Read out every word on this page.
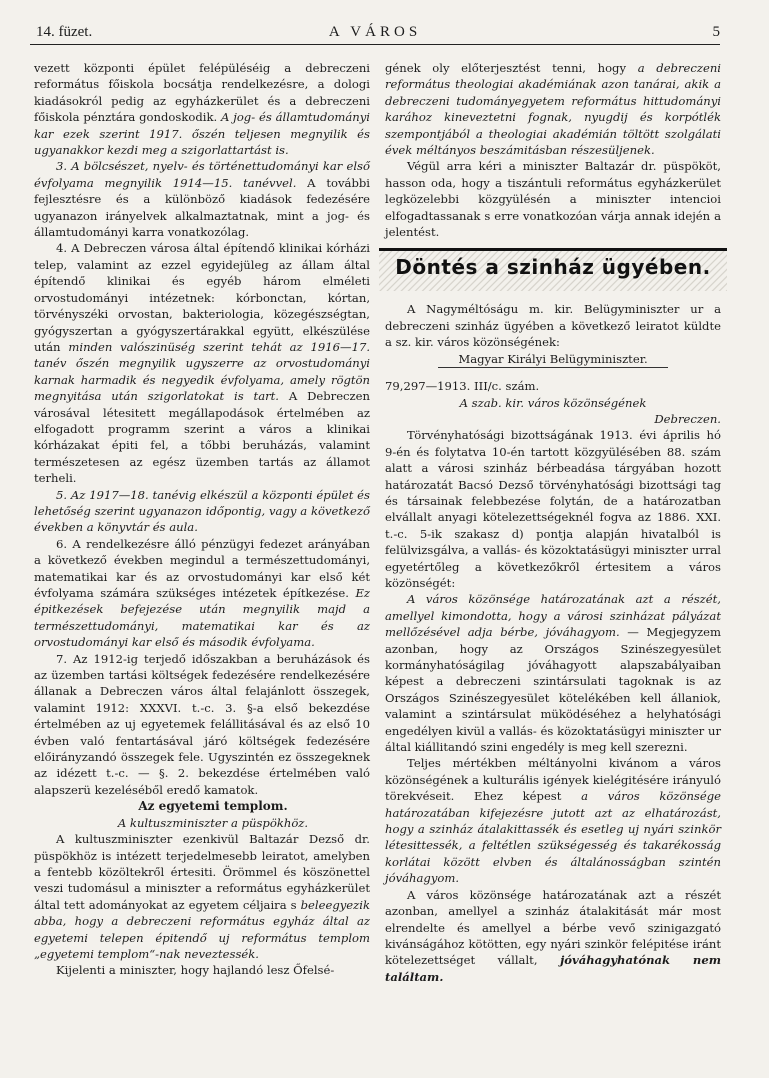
14. füzet.	A VÁROS	5

vezett központi épület felépüléséig a debreczeni református főiskola bocsátja rendelkezésre, a dologi kiadásokról pedig az egyházkerület és a debreczeni főiskola pénztára gondoskodik. A jog- és államtudományi kar ezek szerint 1917. őszén teljesen megnyilik és ugyanakkor kezdi meg a szigorlattartást is.

3. A bölcsészet, nyelv- és történettudományi kar első évfolyama megnyilik 1914—15. tanévvel. A további fejlesztésre és a különböző kiadások fedezésére ugyanazon irányelvek alkalmaztatnak, mint a jog- és államtudományi karra vonatkozólag.

4. A Debreczen városa által építendő klinikai kórházi telep, valamint az ezzel egyidejüleg az állam által építendő klinikai és egyéb három elméleti orvostudományi intézetnek: kórbonctan, kórtan, törvényszéki orvostan, bakteriologia, közegészségtan, gyógyszertan a gyógyszertárakkal együtt, elkészülése után minden valószinüség szerint tehát az 1916—17. tanév őszén megnyilik ugyszerre az orvostudományi karnak harmadik és negyedik évfolyama, amely rögtön megnyitása után szigorlatokat is tart. A Debreczen városával létesitett megállapodások értelmében az elfogadott programm szerint a város a klinikai kórházakat épiti fel, a tőbbi beruházás, valamint természetesen az egész üzemben tartás az államot terheli.

5. Az 1917—18. tanévig elkészül a központi épület és lehetőség szerint ugyanazon időpontig, vagy a következő években a könyvtár és aula.

6. A rendelkezésre álló pénzügyi fedezet arányában a következő években megindul a természettudományi, matematikai kar és az orvostudományi kar első két évfolyama számára szükséges intézetek építkezése. Ez épitkezések befejezése után megnyilik majd a természettudományi, matematikai kar és az orvostudományi kar első és második évfolyama.

7. Az 1912-ig terjedő időszakban a beruházások és az üzemben tartási költségek fedezésére rendelkezésére állanak a Debreczen város által felajánlott összegek, valamint 1912: XXXVI. t.-c. 3. §-a első bekezdése értelmében az uj egyetemek felállitásával és az első 10 évben való fentartásával járó költségek fedezésére előirányzandó összegek fele. Ugyszintén ez összegeknek az idézett t.-c. — §. 2. bekezdése értelmében való alapszerü kezeléséből eredő kamatok.

Az egyetemi templom.

A kultuszminiszter a püspökhöz.

A kultuszminiszter ezenkivül Baltazár Dezső dr. püspökhöz is intézett terjedelmesebb leiratot, amelyben a fentebb közöltekről értesiti. Örömmel és köszönettel veszi tudomásul a miniszter a református egyházkerület által tett adományokat az egyetem céljaira s beleegyezik abba, hogy a debreczeni református egyház által az egyetemi telepen épitendő uj református templom „egyetemi templom“-nak neveztessék.

Kijelenti a miniszter, hogy hajlandó lesz Őfelsé-

gének oly előterjesztést tenni, hogy a debreczeni református theologiai akadémiának azon tanárai, akik a debreczeni tudományegyetem református hittudományi karához kineveztetni fognak, nyugdij és korpótlék szempontjából a theologiai akadémián töltött szolgálati évek méltányos beszámitásban részesüljenek.

Végül arra kéri a miniszter Baltazár dr. püspököt, hasson oda, hogy a tiszántuli református egyházkerület legközelebbi közgyülésén a miniszter intencioi elfogadtassanak s erre vonatkozóan várja annak idején a jelentést.

Döntés a szinház ügyében.

A Nagyméltóságu m. kir. Belügyminiszter ur a debreczeni szinház ügyében a következő leiratot küldte a sz. kir. város közönségének:

Magyar Királyi Belügyminiszter.

79,297—1913. III/c. szám.

A szab. kir. város közönségének

Debreczen.

Törvényhatósági bizottságának 1913. évi április hó 9-én és folytatva 10-én tartott közgyülésében 88. szám alatt a városi szinház bérbeadása tárgyában hozott határozatát Bacsó Dezső törvényhatósági bizottsági tag és társainak felebbezése folytán, de a határozatban elvállalt anyagi kötelezettségeknél fogva az 1886. XXI. t.-c. 5-ik szakasz d) pontja alapján hivatalból is felülvizsgálva, a vallás- és közoktatásügyi miniszter urral egyetértőleg a következőkről értesitem a város közönségét:

A város közönsége határozatának azt a részét, amellyel kimondotta, hogy a városi szinházat pályázat mellőzésével adja bérbe, jóváhagyom. — Megjegyzem azonban, hogy az Országos Szinészegyesület kormányhatóságilag jóváhagyott alapszabályaiban képest a debreczeni szintársulati tagoknak is az Országos Szinészegyesület kötelékében kell állaniok, valamint a szintársulat müködéséhez a helyhatósági engedélyen kivül a vallás- és közoktatásügyi miniszter ur által kiállitandó szini engedély is meg kell szerezni.

Teljes mértékben méltányolni kivánom a város közönségének a kulturális igények kielégitésére irányuló törekvéseit. Ehez képest a város közönsége határozatában kifejezésre jutott azt az elhatározást, hogy a szinház átalakittassék és esetleg uj nyári szinkör létesittessék, a feltétlen szükségesség és takarékosság korlátai között elvben és általánosságban szintén jóváhagyom.

A város közönsége határozatának azt a részét azonban, amellyel a szinház átalakitását már most elrendelte és amellyel a bérbe vevő szinigazgató kivánságához kötötten, egy nyári szinkör felépitése iránt kötelezettséget vállalt, jóváhagyhatónak nem találtam.
